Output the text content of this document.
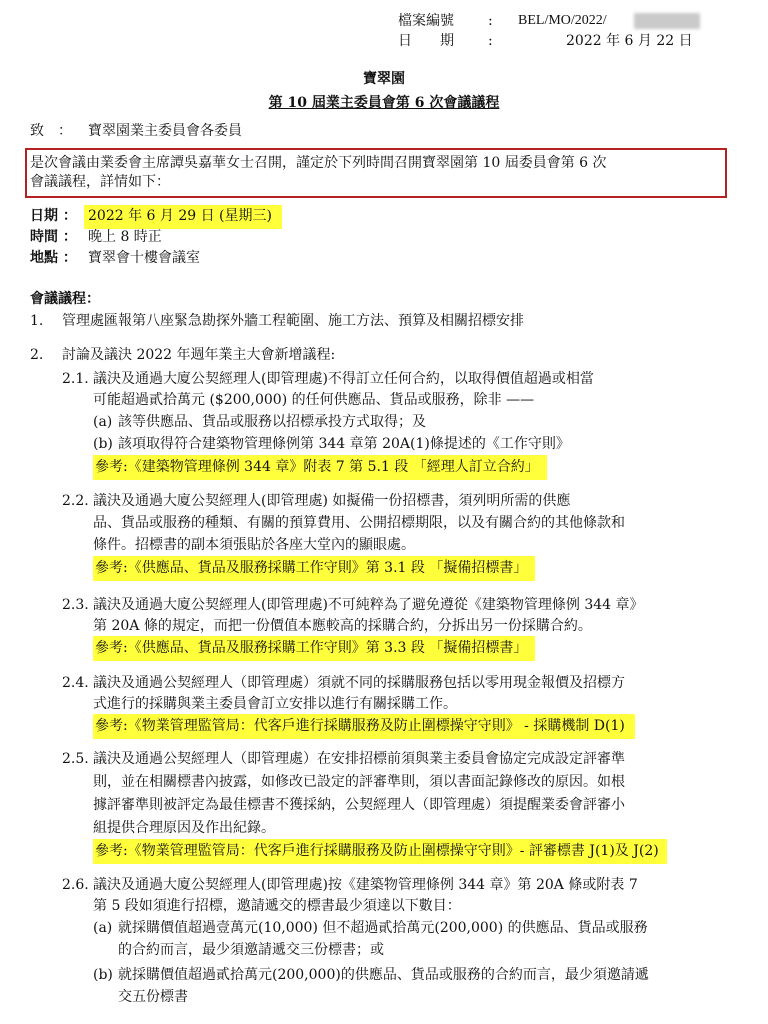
檔案編號 : BEL/MO/2022/
日　　期 :	2022 年 6 月 22 日
寶翠園
第 10 屆業主委員會第 6 次會議議程
致　： 寶翠園業主委員會各委員
是次會議由業委會主席譚吳嘉華女士召開，謹定於下列時間召開寶翠園第 10 屆委員會第 6 次
會議議程，詳情如下：
日期 ： 2022 年 6 月 29 日 (星期三)
時間 ： 晚上 8 時正
地點 ： 寶翠會十樓會議室
會議議程：
1. 管理處匯報第八座緊急勘探外牆工程範圍、施工方法、預算及相關招標安排
2. 討論及議決 2022 年週年業主大會新增議程:
2.1. 議決及通過大廈公契經理人(即管理處)不得訂立任何合約，以取得價值超過或相當
可能超過貳拾萬元 ($200,000) 的任何供應品、貨品或服務，除非 ——
(a) 該等供應品、貨品或服務以招標承投方式取得；及
(b) 該項取得符合建築物管理條例第 344 章第 20A(1)條提述的《工作守則》
參考:《建築物管理條例 344 章》附表 7 第 5.1 段 「經理人訂立合約」
2.2. 議決及通過大廈公契經理人(即管理處) 如擬備一份招標書，須列明所需的供應
品、貨品或服務的種類、有關的預算費用、公開招標期限，以及有關合約的其他條款和
條件。招標書的副本須張貼於各座大堂內的顯眼處。
參考:《供應品、貨品及服務採購工作守則》第 3.1 段 「擬備招標書」
2.3. 議決及通過大廈公契經理人(即管理處)不可純粹為了避免遵從《建築物管理條例 344 章》
第 20A 條的規定，而把一份價值本應較高的採購合約，分拆出另一份採購合約。
參考:《供應品、貨品及服務採購工作守則》第 3.3 段 「擬備招標書」
2.4. 議決及通過公契經理人（即管理處）須就不同的採購服務包括以零用現金報價及招標方
式進行的採購與業主委員會訂立安排以進行有關採購工作。
參考:《物業管理監管局：代客戶進行採購服務及防止圍標操守守則》 - 採購機制 D(1)
2.5. 議決及通過公契經理人（即管理處）在安排招標前須與業主委員會協定完成設定評審準
則，並在相關標書內披露，如修改已設定的評審準則，須以書面記錄修改的原因。如根
據評審準則被評定為最佳標書不獲採納，公契經理人（即管理處）須提醒業委會評審小
組提供合理原因及作出紀錄。
參考:《物業管理監管局：代客戶進行採購服務及防止圍標操守守則》- 評審標書 J(1)及 J(2)
2.6. 議決及通過大廈公契經理人(即管理處)按《建築物管理條例 344 章》第 20A 條或附表 7
第 5 段如須進行招標，邀請遞交的標書最少須達以下數目：
(a) 就採購價值超過壹萬元(10,000) 但不超過貳拾萬元(200,000) 的供應品、貨品或服務
的合約而言，最少須邀請遞交三份標書；或
(b) 就採購價值超過貳拾萬元(200,000)的供應品、貨品或服務的合約而言，最少須邀請遞
交五份標書
